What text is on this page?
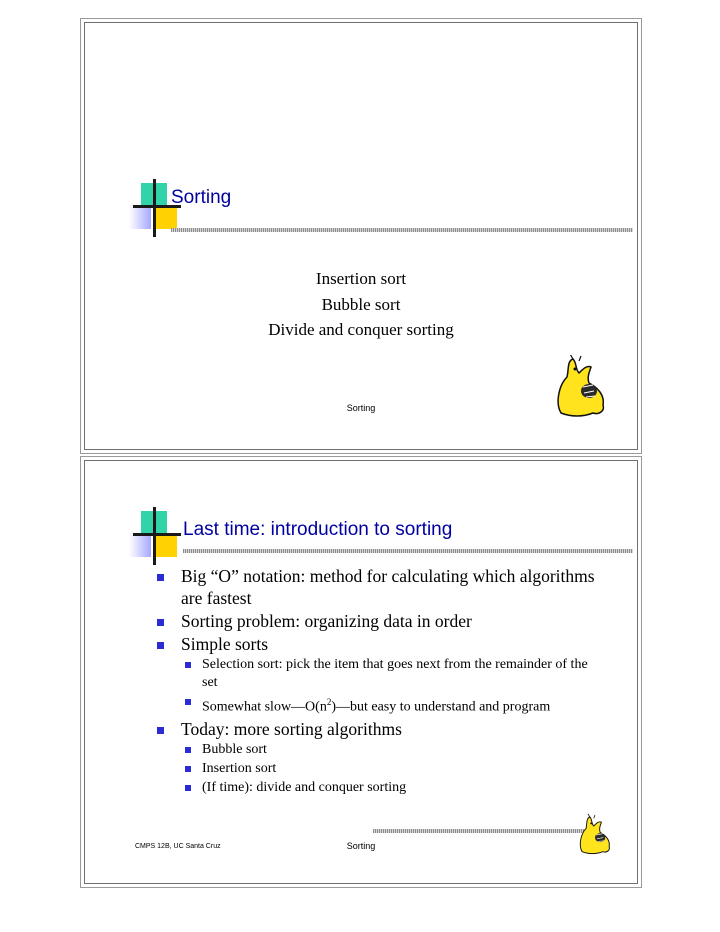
Sorting
Insertion sort
Bubble sort
Divide and conquer sorting
Sorting
Last time: introduction to sorting
Big “O” notation: method for calculating which algorithms are fastest
Sorting problem: organizing data in order
Simple sorts
Selection sort: pick the item that goes next from the remainder of the set
Somewhat $slow—O(n^2)—but$ easy to understand and program
Today: more sorting algorithms
Bubble sort
Insertion sort
(If time): divide and conquer sorting
CMPS 12B, UC Santa Cruz	Sorting
